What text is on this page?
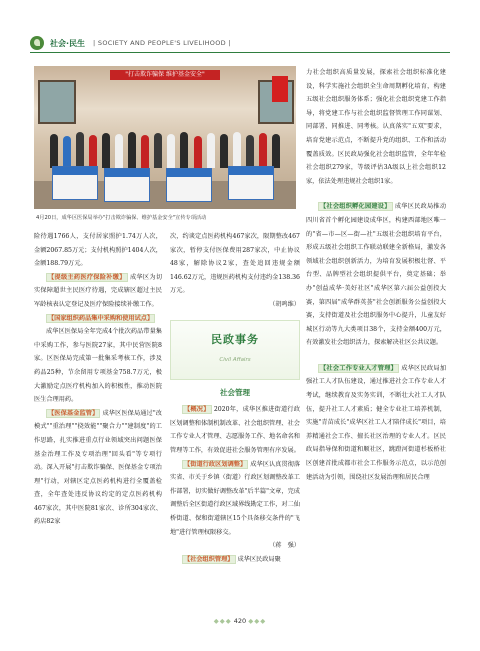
社会·民生 | SOCIETY AND PEOPLE'S LIVELIHOOD |
"打击欺诈骗保 维护基金安全"
4月20日，成华区医保局举办"打击欺诈骗保、维护基金安全"宣传专项活动

险待遇1766人，支付居家照护1.74万人次，金额2067.85万元；支付机构照护1404人次，金额188.79万元。

【提级主药医疗保险补缴】 成华区为切实保障超世主民医疗待遇，完成辖区超过主民军龄核表认定登记及医疗保险接续补缴工作。

【国家组织药品集中采购和使用试点】

成华区医保局全年完成4个批次药品带量集中采购工作，参与医院27家，其中民营医院8家。区医保局完成第一批集采考核工作，涉及药品25种，节余留用专项基金758.7万元，极大激励定点医疗机构加入的积极性，推动医院医生合理用药。

【医保基金监管】 成华区医保局通过"改模式""重治理""挠效能""聚合力""建制度"的工作思路，扎实推进重点行业领域突出问题医保基金治理工作及专项治理"回头看"等专项行动。深入开展"打击欺诈骗保、医保基金专项治理"行动，对辖区定点医药机构进行全覆盖检查，全年查处违反协议约定的定点医药机构467家次，其中医院81家次、诊所304家次、药店82家

次，约谈定点医药机构467家次，限期整改467家次，暂停支付医保费用287家次，中止协议48家，解除协议2家，查处追回违规金额146.62万元，违规医药机构支付违约金138.36万元。

（胡鸣维）

民政事务
Civil Affairs
社会管理

【概况】 2020年，成华区推进街道行政区划调整和体制机制改革、社会组织管理、社会工作专业人才管理、志愿服务工作、地名命名和管理等工作，有效促进社会服务管理有序发展。

【街道行政区划调整】 成华区认真贯彻落实省、市关于乡镇（街道）行政区划调整改革工作部署，切实做好调整改革"后半篇"文章，完成调整后全区街道行政区域界线勘定工作，对二仙桥街道、保和街道辖区15个具备移交条件的"飞地"进行管理权限移交。

（蒋　强）

【社会组织管理】 成华区民政局聚

力社会组织高质量发展，探索社会组织标准化建设，科学实施社会组织全生命周期孵化培育，构建五级社会组织服务体系；强化社会组织党建工作指导，将党建工作与社会组织监督管理工作同谋划、同部署、同推进、同考核。认真落实"五双"要求，培育党建示范点，不断提升党的组织、工作和活动覆盖质效。区民政局强化社会组织监管，全年年检社会组织279家，等级评估3A级以上社会组织12家，依法处理违规社会组织1家。

【社会组织孵化园建设】 成华区民政局推动四川省首个孵化园建设成华区，构建西部地区唯一的"省—市—区—街—社"五级社会组织培育平台，形成五级社会组织工作联动联建全新格局，激发各领域社会组织创新活力，为培育发展积极壮督、平台型、品牌型社会组织提供平台，奠定基础；举办"创益成华·美好社区"成华区第六届公益创投大赛，第四届"成华群英荟"社会创新服务公益创投大赛，支持街道及社会组织服务中心提升，儿童友好城区行动等九大类项目38个，支持金额400万元，有效激发社会组织活力，探索解决社区公共议题。

【社会工作专业人才管理】 成华区民政局加强社工人才队伍建设，通过推进社会工作专业人才考试，继续教育及实务实训，不断壮大社工人才队伍，提升社工人才素质；健全专业社工培养机制，实施"青苗成长"成华区社工人才陪伴成长"项目，培养精通社会工作、擅长社区治理的专业人才。区民政局指导保和街道和顺社区，跳蹬河街道杉板桥社区创建首批成都市社会工作服务示范点，以示范创建活动为引领，围绕社区发展治理和居民合理

◆◆◆ 420 ◆◆◆
